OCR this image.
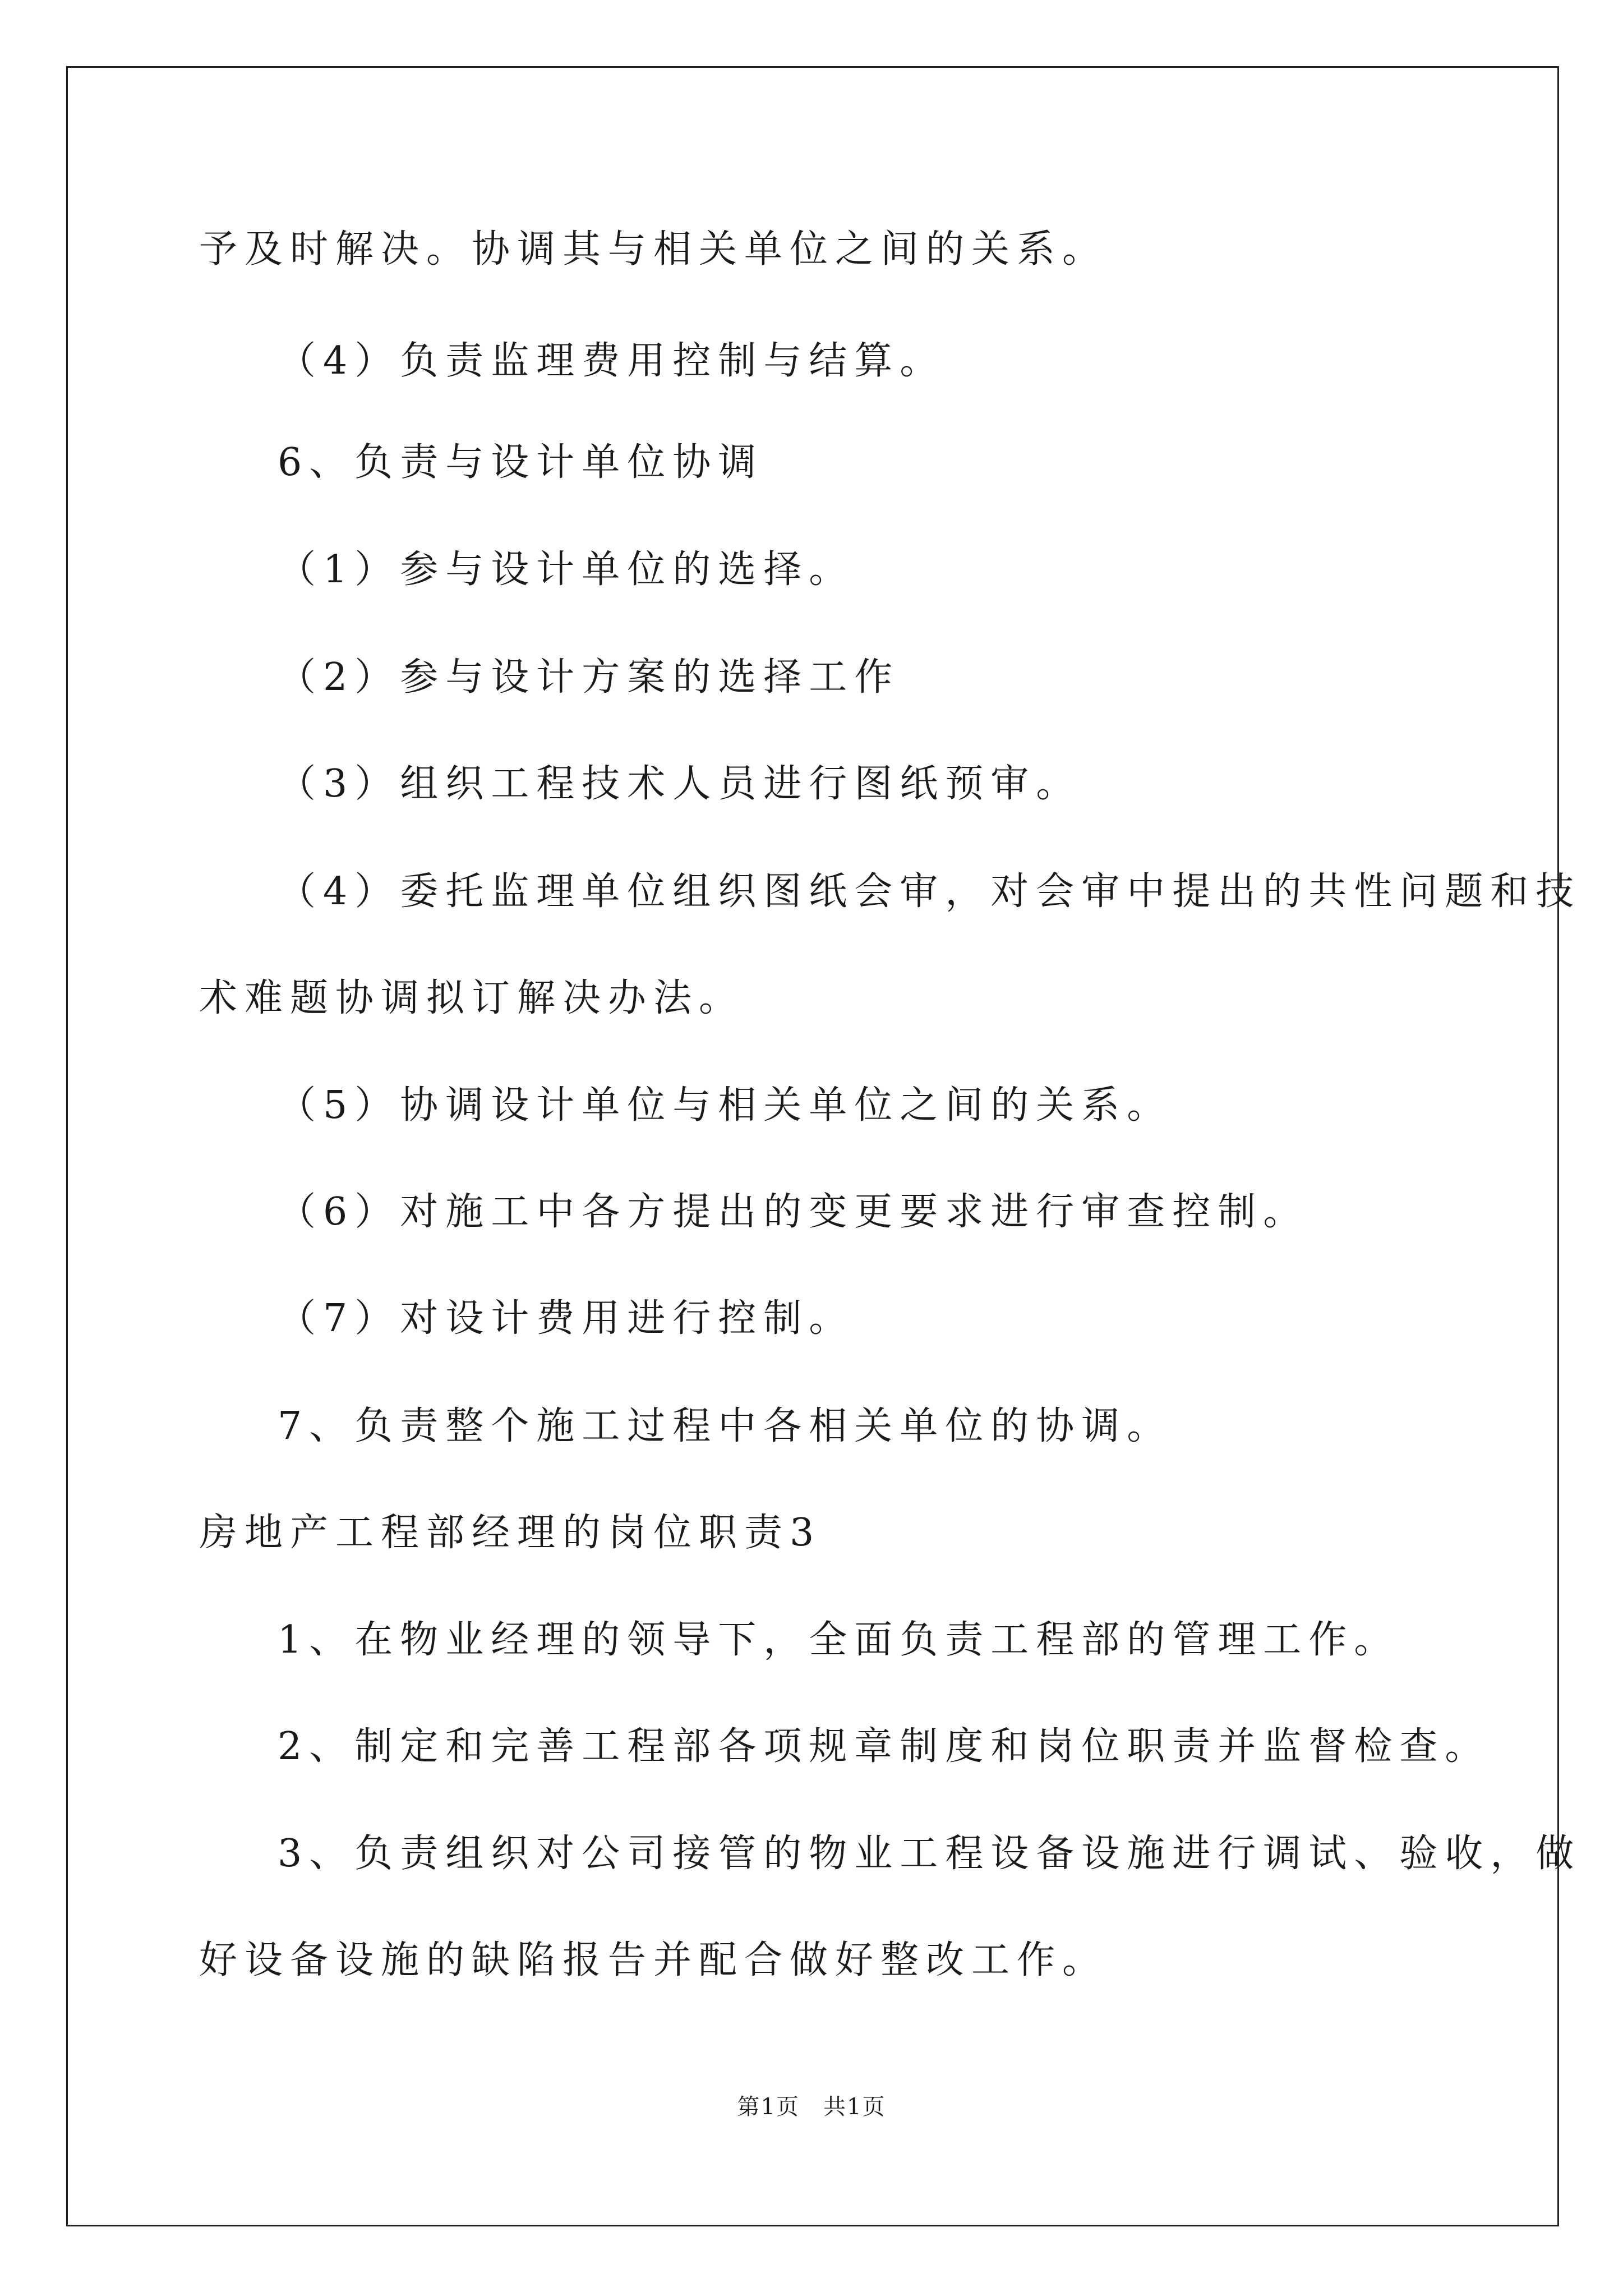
予及时解决。协调其与相关单位之间的关系。
（4）负责监理费用控制与结算。
6、负责与设计单位协调
（1）参与设计单位的选择。
（2）参与设计方案的选择工作
（3）组织工程技术人员进行图纸预审。
（4）委托监理单位组织图纸会审，对会审中提出的共性问题和技
术难题协调拟订解决办法。
（5）协调设计单位与相关单位之间的关系。
（6）对施工中各方提出的变更要求进行审查控制。
（7）对设计费用进行控制。
7、负责整个施工过程中各相关单位的协调。
房地产工程部经理的岗位职责3
1、在物业经理的领导下，全面负责工程部的管理工作。
2、制定和完善工程部各项规章制度和岗位职责并监督检查。
3、负责组织对公司接管的物业工程设备设施进行调试、验收，做
好设备设施的缺陷报告并配合做好整改工作。
第1页　共1页
